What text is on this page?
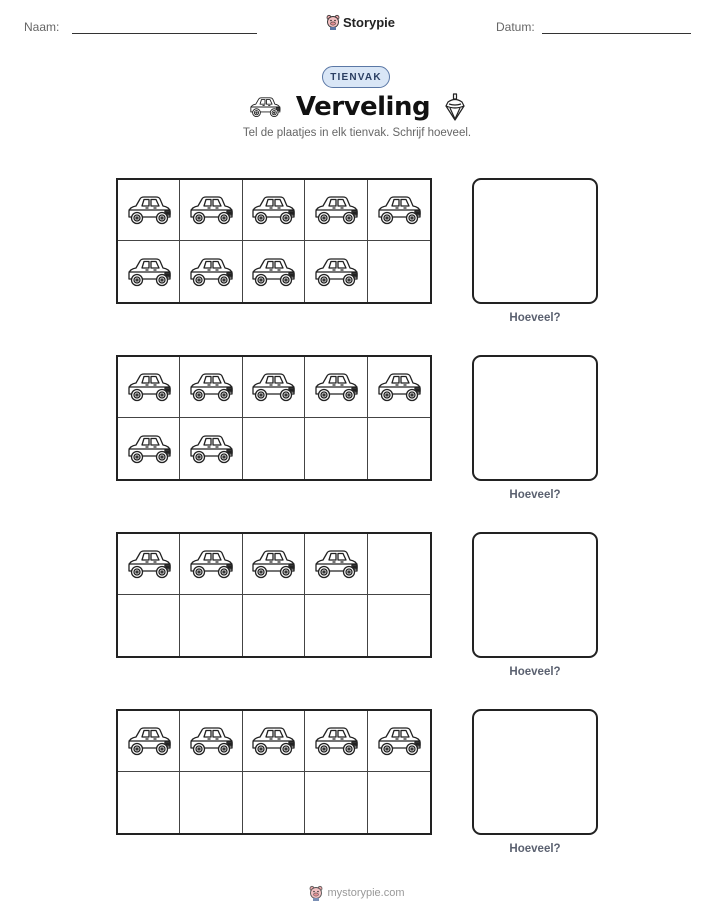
Naam:	Storypie	Datum:
TIENVAK
Verveling
Tel de plaatjes in elk tienvak. Schrijf hoeveel.
Hoeveel?
Hoeveel?
Hoeveel?
Hoeveel?
mystorypie.com
